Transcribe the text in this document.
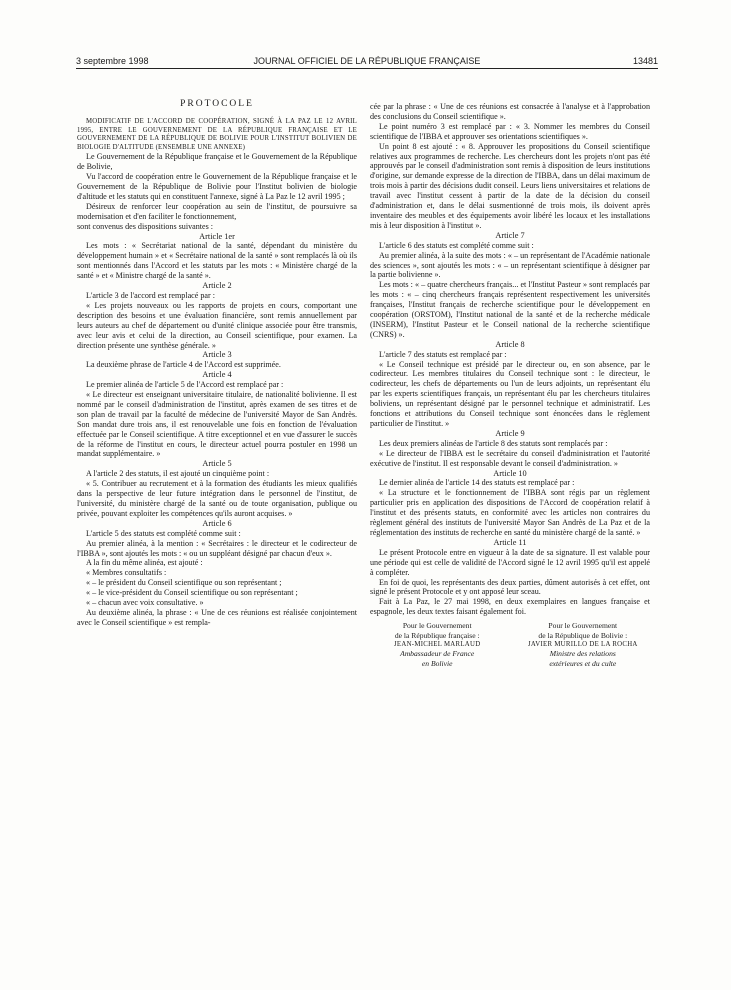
3 septembre 1998	JOURNAL OFFICIEL DE LA RÉPUBLIQUE FRANÇAISE	13481
PROTOCOLE

MODIFICATIF DE L'ACCORD DE COOPÉRATION, SIGNÉ À LA PAZ LE 12 AVRIL 1995, ENTRE LE GOUVERNEMENT DE LA RÉPUBLIQUE FRANÇAISE ET LE GOUVERNEMENT DE LA RÉPUBLIQUE DE BOLIVIE POUR L'INSTITUT BOLIVIEN DE BIOLOGIE D'ALTITUDE (ENSEMBLE UNE ANNEXE)

Le Gouvernement de la République française et le Gouvernement de la République de Bolivie,

Vu l'accord de coopération entre le Gouvernement de la République française et le Gouvernement de la République de Bolivie pour l'Institut bolivien de biologie d'altitude et les statuts qui en constituent l'annexe, signé à La Paz le 12 avril 1995 ;

Désireux de renforcer leur coopération au sein de l'institut, de poursuivre sa modernisation et d'en faciliter le fonctionnement,

sont convenus des dispositions suivantes :

Article 1er

Les mots : « Secrétariat national de la santé, dépendant du ministère du développement humain » et « Secrétaire national de la santé » sont remplacés là où ils sont mentionnés dans l'Accord et les statuts par les mots : « Ministère chargé de la santé » et « Ministre chargé de la santé ».

Article 2

L'article 3 de l'accord est remplacé par :

« Les projets nouveaux ou les rapports de projets en cours, comportant une description des besoins et une évaluation financière, sont remis annuellement par leurs auteurs au chef de département ou d'unité clinique associée pour être transmis, avec leur avis et celui de la direction, au Conseil scientifique, pour examen. La direction présente une synthèse générale. »

Article 3

La deuxième phrase de l'article 4 de l'Accord est supprimée.

Article 4

Le premier alinéa de l'article 5 de l'Accord est remplacé par :

« Le directeur est enseignant universitaire titulaire, de nationalité bolivienne. Il est nommé par le conseil d'administration de l'institut, après examen de ses titres et de son plan de travail par la faculté de médecine de l'université Mayor de San Andrès. Son mandat dure trois ans, il est renouvelable une fois en fonction de l'évaluation effectuée par le Conseil scientifique. A titre exceptionnel et en vue d'assurer le succès de la réforme de l'institut en cours, le directeur actuel pourra postuler en 1998 un mandat supplémentaire. »

Article 5

A l'article 2 des statuts, il est ajouté un cinquième point :

« 5. Contribuer au recrutement et à la formation des étudiants les mieux qualifiés dans la perspective de leur future intégration dans le personnel de l'institut, de l'université, du ministère chargé de la santé ou de toute organisation, publique ou privée, pouvant exploiter les compétences qu'ils auront acquises. »

Article 6

L'article 5 des statuts est complété comme suit :

Au premier alinéa, à la mention : « Secrétaires : le directeur et le codirecteur de l'IBBA », sont ajoutés les mots : « ou un suppléant désigné par chacun d'eux ».

A la fin du même alinéa, est ajouté :

« Membres consultatifs :

« – le président du Conseil scientifique ou son représentant ;

« – le vice-président du Conseil scientifique ou son représentant ;

« – chacun avec voix consultative. »

Au deuxième alinéa, la phrase : « Une de ces réunions est réalisée conjointement avec le Conseil scientifique » est rempla-

cée par la phrase : « Une de ces réunions est consacrée à l'analyse et à l'approbation des conclusions du Conseil scientifique ».

Le point numéro 3 est remplacé par : « 3. Nommer les membres du Conseil scientifique de l'IBBA et approuver ses orientations scientifiques ».

Un point 8 est ajouté : « 8. Approuver les propositions du Conseil scientifique relatives aux programmes de recherche. Les chercheurs dont les projets n'ont pas été approuvés par le conseil d'administration sont remis à disposition de leurs institutions d'origine, sur demande expresse de la direction de l'IBBA, dans un délai maximum de trois mois à partir des décisions dudit conseil. Leurs liens universitaires et relations de travail avec l'institut cessent à partir de la date de la décision du conseil d'administration et, dans le délai susmentionné de trois mois, ils doivent après inventaire des meubles et des équipements avoir libéré les locaux et les installations mis à leur disposition à l'institut ».

Article 7

L'article 6 des statuts est complété comme suit :

Au premier alinéa, à la suite des mots : « – un représentant de l'Académie nationale des sciences », sont ajoutés les mots : « – un représentant scientifique à désigner par la partie bolivienne ».

Les mots : « – quatre chercheurs français... et l'Institut Pasteur » sont remplacés par les mots : « – cinq chercheurs français représentent respectivement les universités françaises, l'Institut français de recherche scientifique pour le développement en coopération (ORSTOM), l'Institut national de la santé et de la recherche médicale (INSERM), l'Institut Pasteur et le Conseil national de la recherche scientifique (CNRS) ».

Article 8

L'article 7 des statuts est remplacé par :

« Le Conseil technique est présidé par le directeur ou, en son absence, par le codirecteur. Les membres titulaires du Conseil technique sont : le directeur, le codirecteur, les chefs de départements ou l'un de leurs adjoints, un représentant élu par les experts scientifiques français, un représentant élu par les chercheurs titulaires boliviens, un représentant désigné par le personnel technique et administratif. Les fonctions et attributions du Conseil technique sont énoncées dans le règlement particulier de l'institut. »

Article 9

Les deux premiers alinéas de l'article 8 des statuts sont remplacés par :

« Le directeur de l'IBBA est le secrétaire du conseil d'administration et l'autorité exécutive de l'institut. Il est responsable devant le conseil d'administration. »

Article 10

Le dernier alinéa de l'article 14 des statuts est remplacé par :

« La structure et le fonctionnement de l'IBBA sont régis par un règlement particulier pris en application des dispositions de l'Accord de coopération relatif à l'institut et des présents statuts, en conformité avec les articles non contraires du règlement général des instituts de l'université Mayor San Andrès de La Paz et de la réglementation des instituts de recherche en santé du ministère chargé de la santé. »

Article 11

Le présent Protocole entre en vigueur à la date de sa signature. Il est valable pour une période qui est celle de validité de l'Accord signé le 12 avril 1995 qu'il est appelé à compléter.

En foi de quoi, les représentants des deux parties, dûment autorisés à cet effet, ont signé le présent Protocole et y ont apposé leur sceau.

Fait à La Paz, le 27 mai 1998, en deux exemplaires en langues française et espagnole, les deux textes faisant également foi.

Pour le Gouvernement
de la République française :
JEAN-MICHEL MARLAUD
Ambassadeur de France
en Bolivie
Pour le Gouvernement
de la République de Bolivie :
JAVIER MURILLO DE LA ROCHA
Ministre des relations
extérieures et du culte
